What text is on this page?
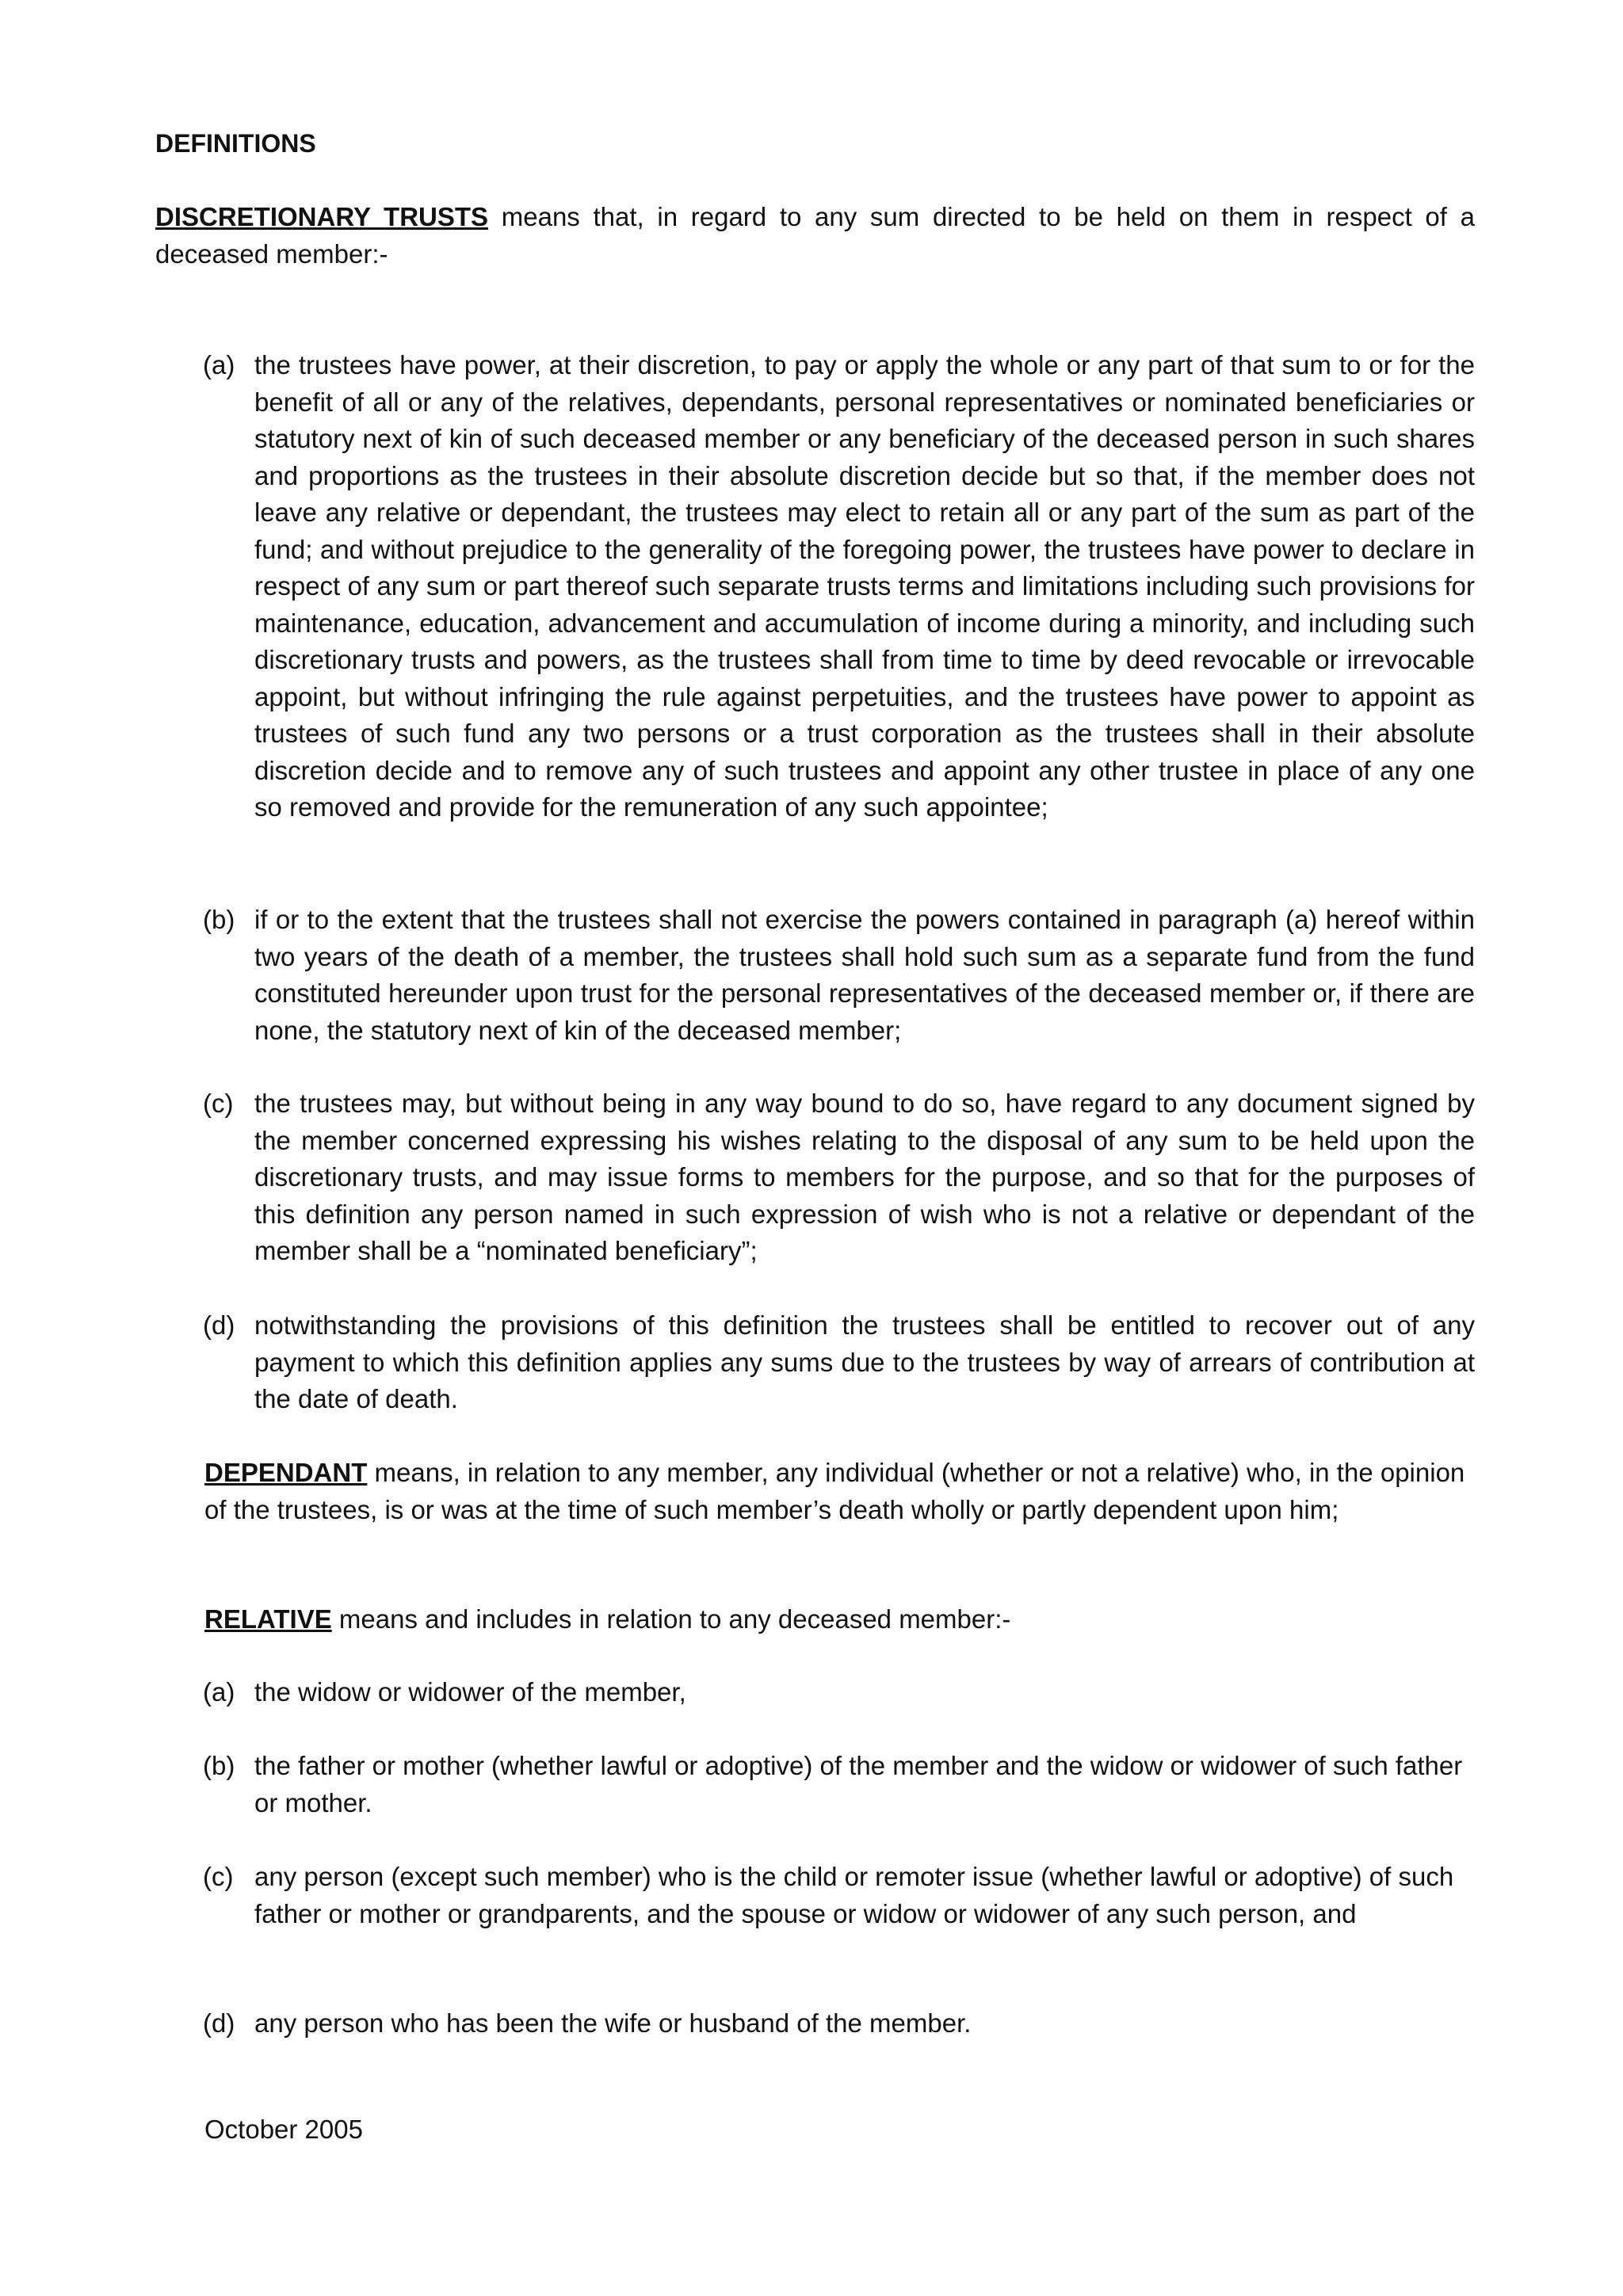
DEFINITIONS
DISCRETIONARY TRUSTS means that, in regard to any sum directed to be held on them in respect of a deceased member:-
(a) the trustees have power, at their discretion, to pay or apply the whole or any part of that sum to or for the benefit of all or any of the relatives, dependants, personal representatives or nominated beneficiaries or statutory next of kin of such deceased member or any beneficiary of the deceased person in such shares and proportions as the trustees in their absolute discretion decide but so that, if the member does not leave any relative or dependant, the trustees may elect to retain all or any part of the sum as part of the fund; and without prejudice to the generality of the foregoing power, the trustees have power to declare in respect of any sum or part thereof such separate trusts terms and limitations including such provisions for maintenance, education, advancement and accumulation of income during a minority, and including such discretionary trusts and powers, as the trustees shall from time to time by deed revocable or irrevocable appoint, but without infringing the rule against perpetuities, and the trustees have power to appoint as trustees of such fund any two persons or a trust corporation as the trustees shall in their absolute discretion decide and to remove any of such trustees and appoint any other trustee in place of any one so removed and provide for the remuneration of any such appointee;
(b) if or to the extent that the trustees shall not exercise the powers contained in paragraph (a) hereof within two years of the death of a member, the trustees shall hold such sum as a separate fund from the fund constituted hereunder upon trust for the personal representatives of the deceased member or, if there are none, the statutory next of kin of the deceased member;
(c) the trustees may, but without being in any way bound to do so, have regard to any document signed by the member concerned expressing his wishes relating to the disposal of any sum to be held upon the discretionary trusts, and may issue forms to members for the purpose, and so that for the purposes of this definition any person named in such expression of wish who is not a relative or dependant of the member shall be a “nominated beneficiary”;
(d) notwithstanding the provisions of this definition the trustees shall be entitled to recover out of any payment to which this definition applies any sums due to the trustees by way of arrears of contribution at the date of death.
DEPENDANT means, in relation to any member, any individual (whether or not a relative) who, in the opinion of the trustees, is or was at the time of such member’s death wholly or partly dependent upon him;
RELATIVE means and includes in relation to any deceased member:-
(a) the widow or widower of the member,
(b) the father or mother (whether lawful or adoptive) of the member and the widow or widower of such father or mother.
(c) any person (except such member) who is the child or remoter issue (whether lawful or adoptive) of such father or mother or grandparents, and the spouse or widow or widower of any such person, and
(d) any person who has been the wife or husband of the member.
October 2005
